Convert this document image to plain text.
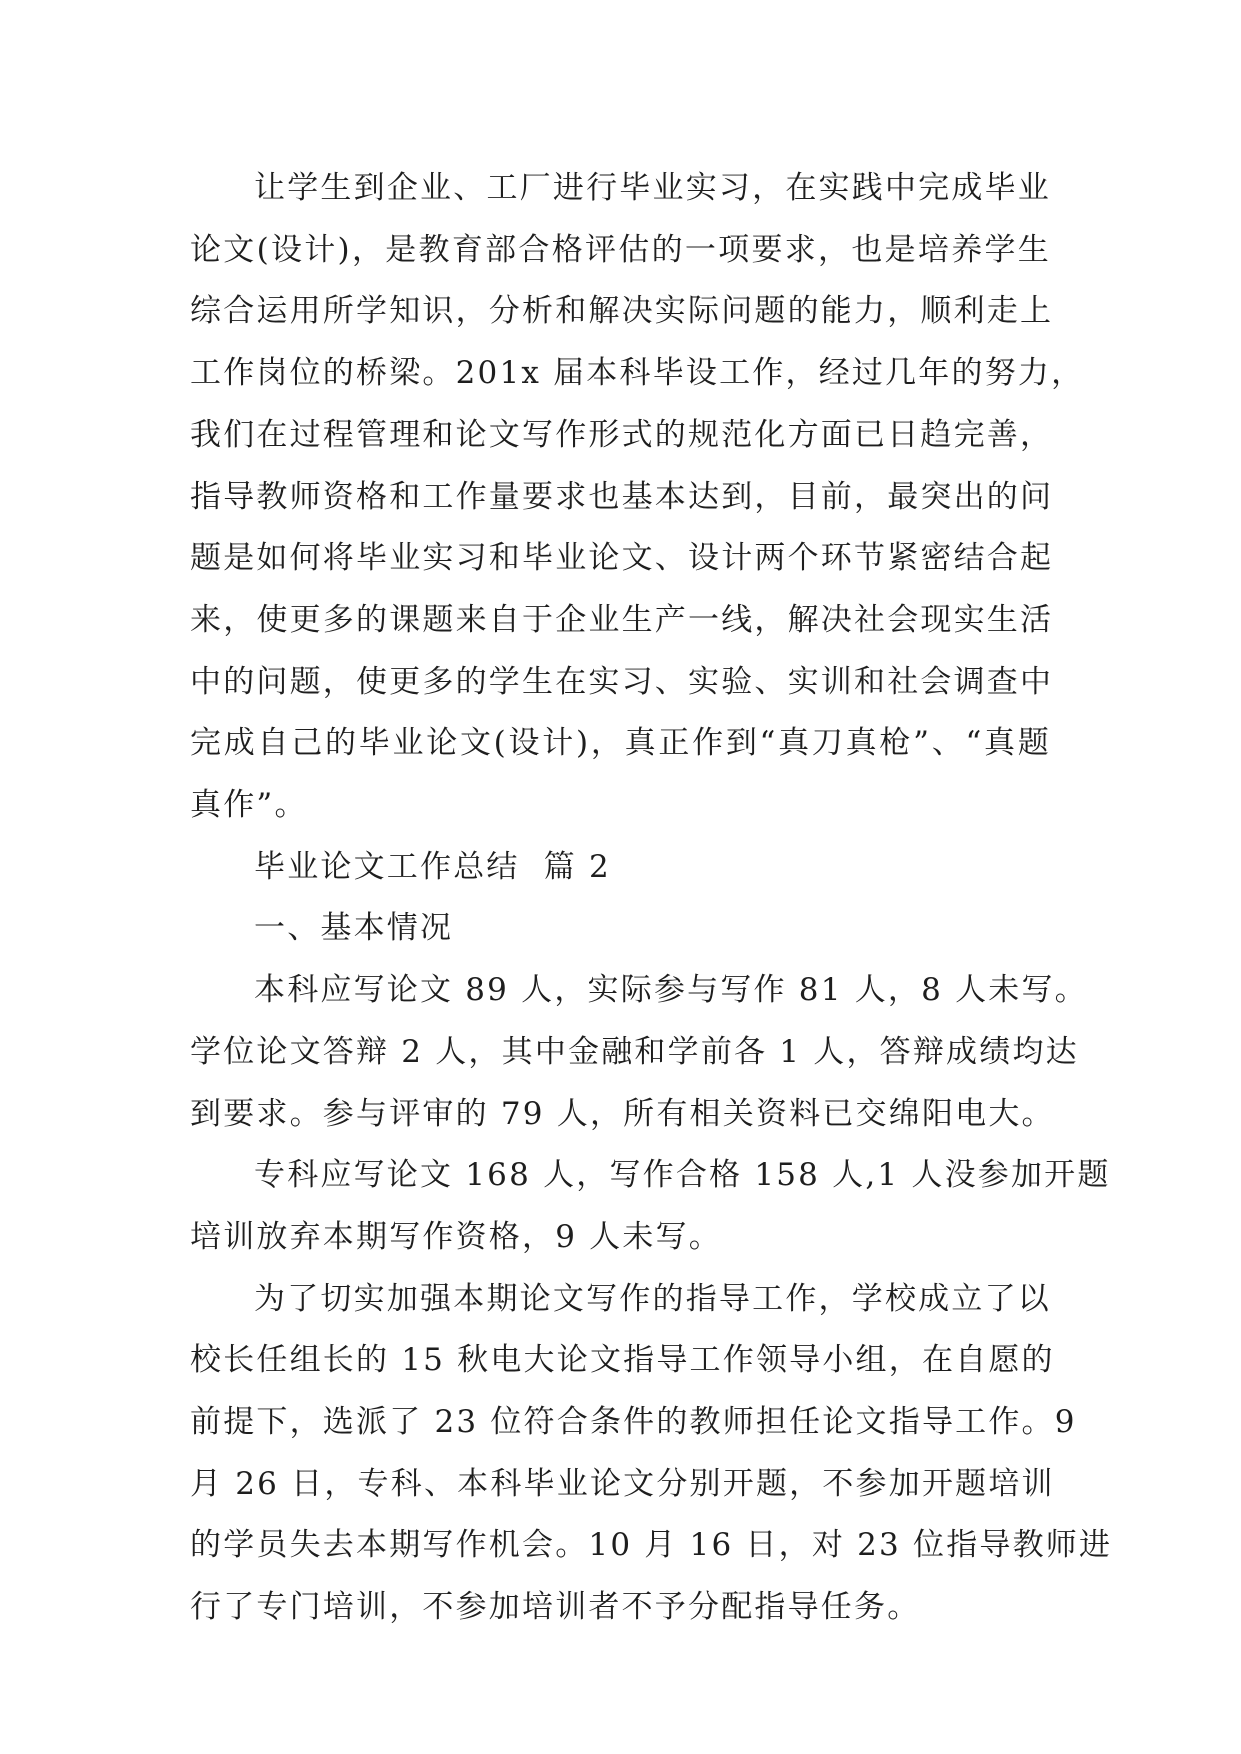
让学生到企业、工厂进行毕业实习，在实践中完成毕业
论文(设计)，是教育部合格评估的一项要求，也是培养学生
综合运用所学知识，分析和解决实际问题的能力，顺利走上
工作岗位的桥梁。201x 届本科毕设工作，经过几年的努力，
我们在过程管理和论文写作形式的规范化方面已日趋完善，
指导教师资格和工作量要求也基本达到，目前，最突出的问
题是如何将毕业实习和毕业论文、设计两个环节紧密结合起
来，使更多的课题来自于企业生产一线，解决社会现实生活
中的问题，使更多的学生在实习、实验、实训和社会调查中
完成自己的毕业论文(设计)，真正作到“真刀真枪”、“真题
真作”。
毕业论文工作总结  篇 2
一、基本情况
本科应写论文 89 人，实际参与写作 81 人，8 人未写。
学位论文答辩 2 人，其中金融和学前各 1 人，答辩成绩均达
到要求。参与评审的 79 人，所有相关资料已交绵阳电大。
专科应写论文 168 人，写作合格 158 人,1 人没参加开题
培训放弃本期写作资格，9 人未写。
为了切实加强本期论文写作的指导工作，学校成立了以
校长任组长的 15 秋电大论文指导工作领导小组，在自愿的
前提下，选派了 23 位符合条件的教师担任论文指导工作。9
月 26 日，专科、本科毕业论文分别开题，不参加开题培训
的学员失去本期写作机会。10 月 16 日，对 23 位指导教师进
行了专门培训，不参加培训者不予分配指导任务。
